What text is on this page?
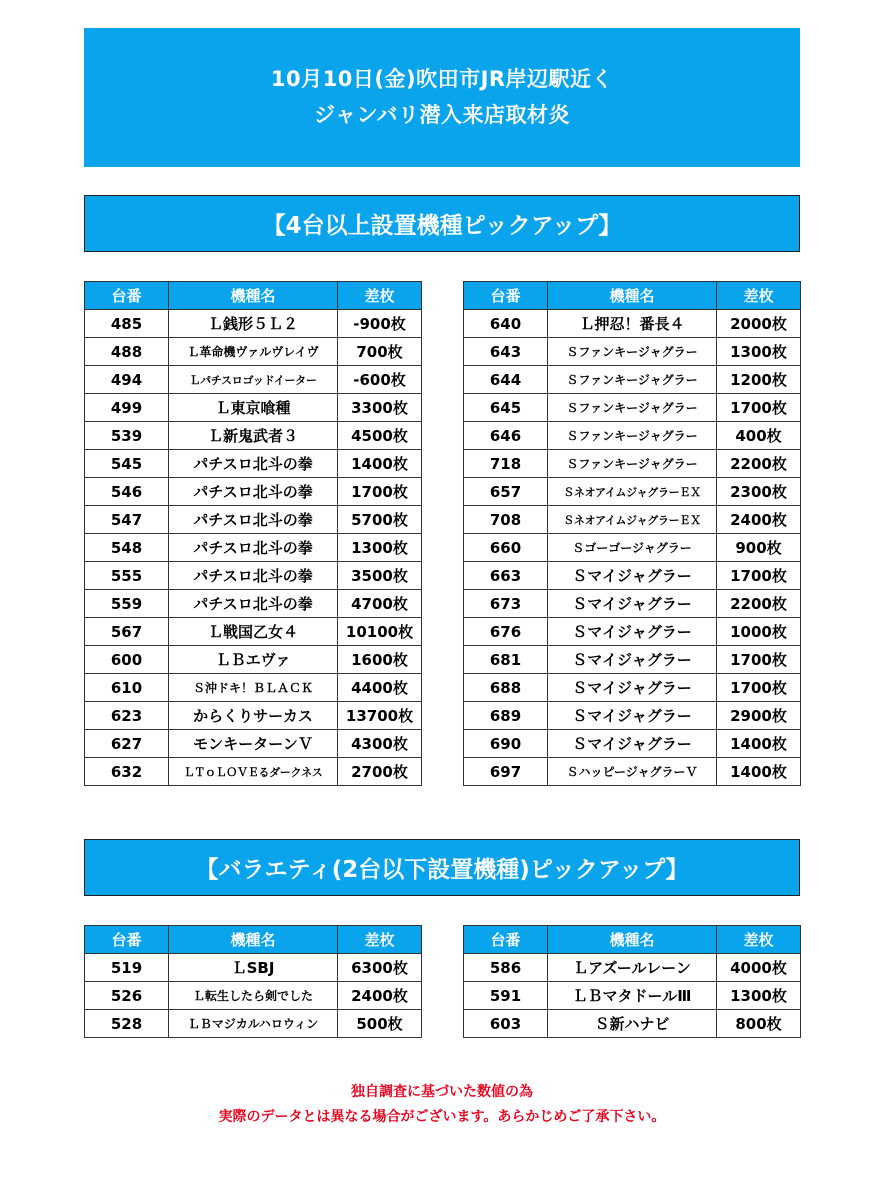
10月10日(金)吹田市JR岸辺駅近く
ジャンバリ潜入来店取材炎
【4台以上設置機種ピックアップ】
台番	機種名	差枚
485	Ｌ銭形５Ｌ２	-900枚
488	Ｌ革命機ヴァルヴレイヴ	700枚
494	Ｌパチスロゴッドイーター	-600枚
499	Ｌ東京喰種	3300枚
539	Ｌ新鬼武者３	4500枚
545	パチスロ北斗の拳	1400枚
546	パチスロ北斗の拳	1700枚
547	パチスロ北斗の拳	5700枚
548	パチスロ北斗の拳	1300枚
555	パチスロ北斗の拳	3500枚
559	パチスロ北斗の拳	4700枚
567	Ｌ戦国乙女４	10100枚
600	ＬＢエヴァ	1600枚
610	Ｓ沖ドキ！ＢＬＡＣＫ	4400枚
623	からくりサーカス	13700枚
627	モンキーターンＶ	4300枚
632	ＬＴｏＬＯＶＥるダークネス	2700枚
台番	機種名	差枚
640	Ｌ押忍！番長４	2000枚
643	Ｓファンキージャグラー	1300枚
644	Ｓファンキージャグラー	1200枚
645	Ｓファンキージャグラー	1700枚
646	Ｓファンキージャグラー	400枚
718	Ｓファンキージャグラー	2200枚
657	ＳネオアイムジャグラーＥＸ	2300枚
708	ＳネオアイムジャグラーＥＸ	2400枚
660	Ｓゴーゴージャグラー	900枚
663	Ｓマイジャグラー	1700枚
673	Ｓマイジャグラー	2200枚
676	Ｓマイジャグラー	1000枚
681	Ｓマイジャグラー	1700枚
688	Ｓマイジャグラー	1700枚
689	Ｓマイジャグラー	2900枚
690	Ｓマイジャグラー	1400枚
697	ＳハッピージャグラーＶ	1400枚
【バラエティ(2台以下設置機種)ピックアップ】
台番	機種名	差枚
519	ＬSBJ	6300枚
526	Ｌ転生したら剣でした	2400枚
528	ＬＢマジカルハロウィン	500枚
台番	機種名	差枚
586	Ｌアズールレーン	4000枚
591	ＬＢマタドールⅢ	1300枚
603	Ｓ新ハナビ	800枚
独自調査に基づいた数値の為
実際のデータとは異なる場合がございます。あらかじめご了承下さい。
